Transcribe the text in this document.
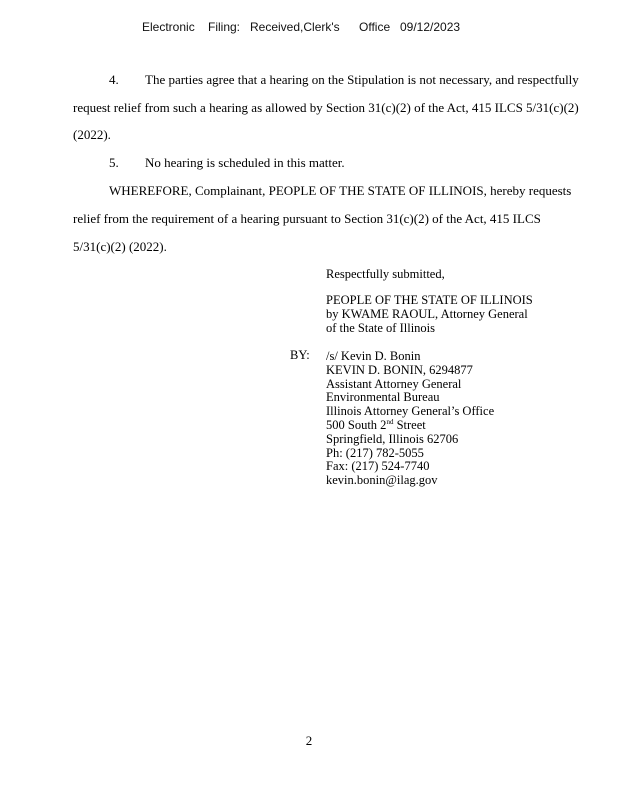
Electronic Filing: Received,Clerk's Office 09/12/2023
4. The parties agree that a hearing on the Stipulation is not necessary, and respectfully
request relief from such a hearing as allowed by Section 31(c)(2) of the Act, 415 ILCS 5/31(c)(2)
(2022).
5. No hearing is scheduled in this matter.
WHEREFORE, Complainant, PEOPLE OF THE STATE OF ILLINOIS, hereby requests
relief from the requirement of a hearing pursuant to Section 31(c)(2) of the Act, 415 ILCS
5/31(c)(2) (2022).
Respectfully submitted,
PEOPLE OF THE STATE OF ILLINOIS
by KWAME RAOUL, Attorney General
of the State of Illinois
BY: /s/ Kevin D. Bonin
KEVIN D. BONIN, 6294877
Assistant Attorney General
Environmental Bureau
Illinois Attorney General’s Office
500 South 2nd Street
Springfield, Illinois 62706
Ph: (217) 782-5055
Fax: (217) 524-7740
kevin.bonin@ilag.gov
2
